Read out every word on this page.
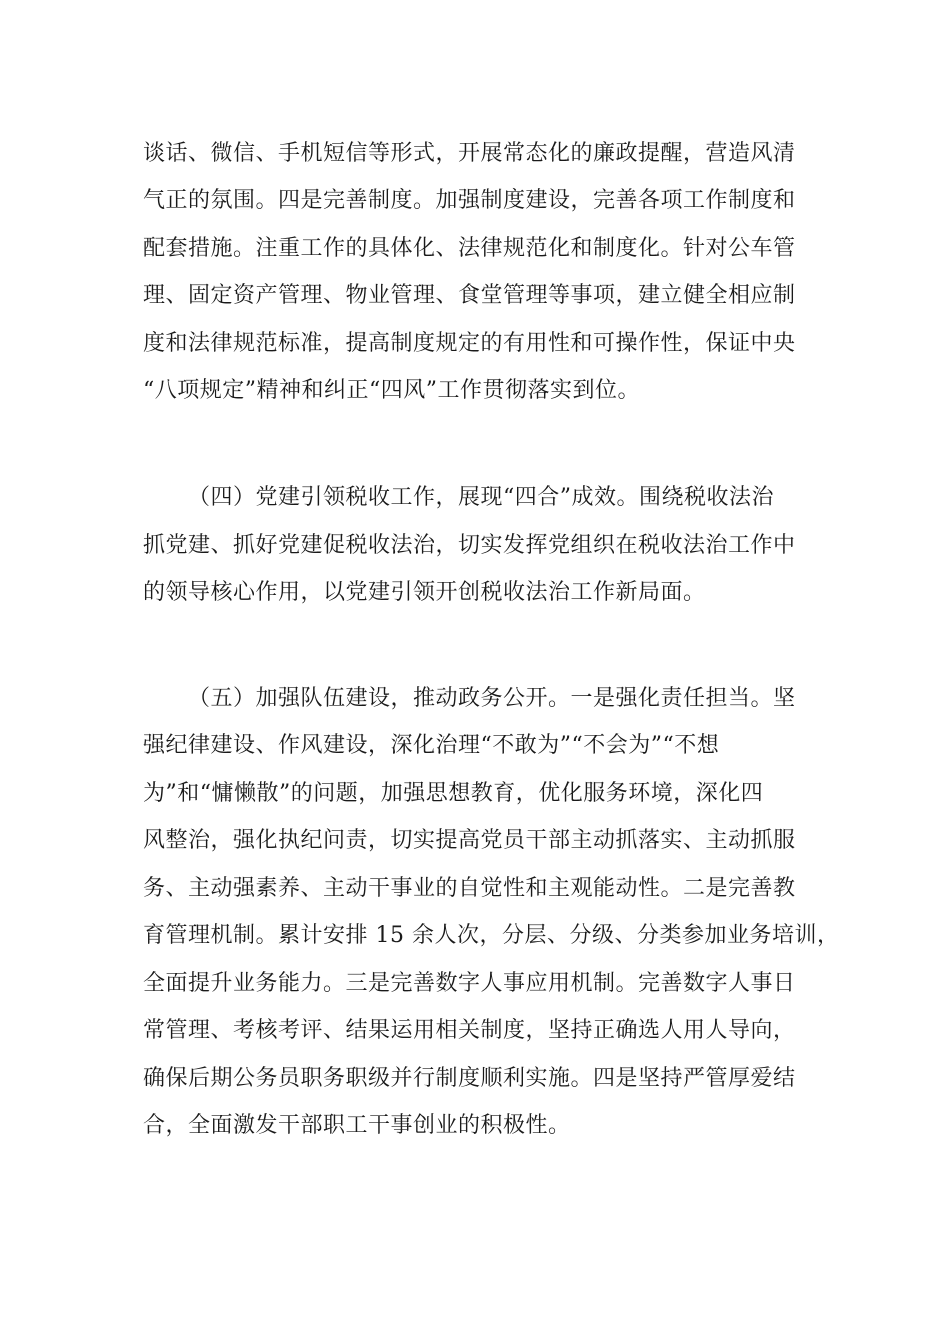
谈话、微信、手机短信等形式，开展常态化的廉政提醒，营造风清

气正的氛围。四是完善制度。加强制度建设，完善各项工作制度和

配套措施。注重工作的具体化、法律规范化和制度化。针对公车管

理、固定资产管理、物业管理、食堂管理等事项，建立健全相应制

度和法律规范标准，提高制度规定的有用性和可操作性，保证中央

“八项规定”精神和纠正“四风”工作贯彻落实到位。

（四）党建引领税收工作，展现“四合”成效。围绕税收法治

抓党建、抓好党建促税收法治，切实发挥党组织在税收法治工作中

的领导核心作用，以党建引领开创税收法治工作新局面。

（五）加强队伍建设，推动政务公开。一是强化责任担当。坚

强纪律建设、作风建设，深化治理“不敢为”“不会为”“不想

为”和“慵懒散”的问题，加强思想教育，优化服务环境，深化四

风整治，强化执纪问责，切实提高党员干部主动抓落实、主动抓服

务、主动强素养、主动干事业的自觉性和主观能动性。二是完善教

育管理机制。累计安排 15 余人次，分层、分级、分类参加业务培训，

全面提升业务能力。三是完善数字人事应用机制。完善数字人事日

常管理、考核考评、结果运用相关制度，坚持正确选人用人导向，

确保后期公务员职务职级并行制度顺利实施。四是坚持严管厚爱结

合，全面激发干部职工干事创业的积极性。
